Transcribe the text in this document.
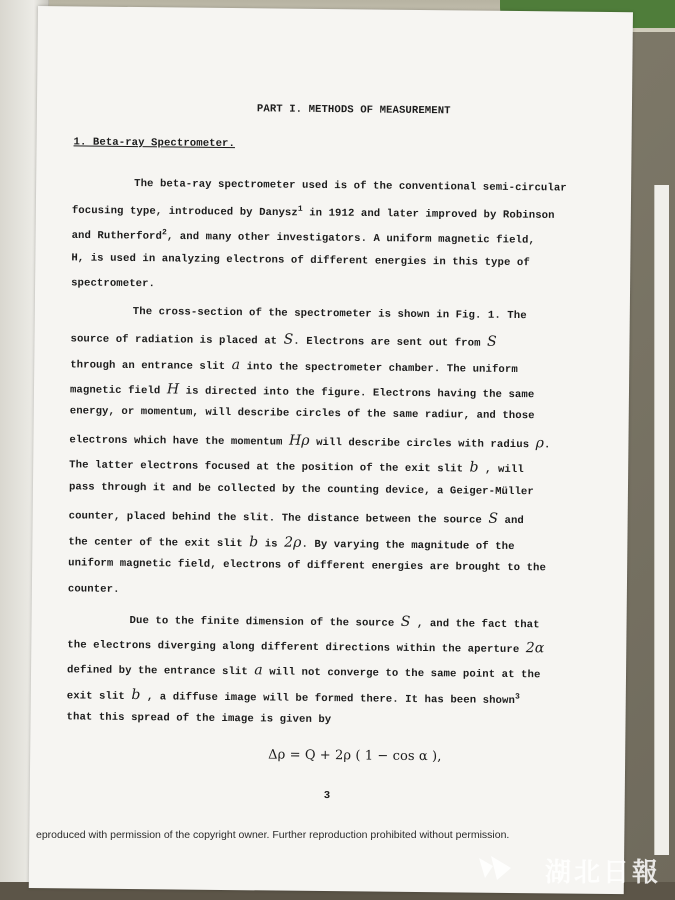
PART I. METHODS OF MEASUREMENT
1. Beta-ray Spectrometer.
The beta-ray spectrometer used is of the conventional semi-circular
focusing type, introduced by Danysz$^1$ in 1912 and later improved by Robinson
and Rutherford$^2$, and many other investigators. A uniform magnetic field,
H, is used in analyzing electrons of different energies in this type of
spectrometer.
The cross-section of the spectrometer is shown in Fig. 1. The
source of radiation is placed at S. Electrons are sent out from S
through an entrance slit a into the spectrometer chamber. The uniform
magnetic field H is directed into the figure. Electrons having the same
energy, or momentum, will describe circles of the same radiur, and those
electrons which have the momentum Hρ will describe circles with radius ρ.
The latter electrons focused at the position of the exit slit b , will
pass through it and be collected by the counting device, a Geiger-Müller
counter, placed behind the slit. The distance between the source S and
the center of the exit slit b is 2ρ. By varying the magnitude of the
uniform magnetic field, electrons of different energies are brought to the
counter.
Due to the finite dimension of the source S , and the fact that
the electrons diverging along different directions within the aperture 2α
defined by the entrance slit a will not converge to the same point at the
exit slit b , a diffuse image will be formed there. It has been shown$^3$
that this spread of the image is given by
Δρ = Q + 2ρ ( 1 − cos α ),
3
eproduced with permission of the copyright owner. Further reproduction prohibited without permission.
湖北日報
